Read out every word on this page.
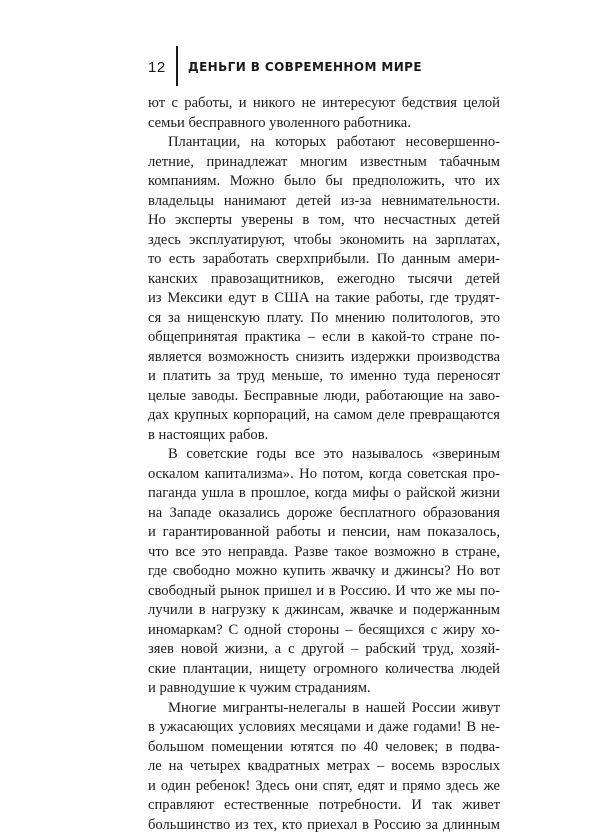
12 ДЕНЬГИ В СОВРЕМЕННОМ МИРЕ
ют с работы, и никого не интересуют бедствия целой
семьи бесправного уволенного работника.
Плантации, на которых работают несовершенно-
летние, принадлежат многим известным табачным
компаниям. Можно было бы предположить, что их
владельцы нанимают детей из-за невнимательности.
Но эксперты уверены в том, что несчастных детей
здесь эксплуатируют, чтобы экономить на зарплатах,
то есть заработать сверхприбыли. По данным амери-
канских правозащитников, ежегодно тысячи детей
из Мексики едут в США на такие работы, где трудят-
ся за нищенскую плату. По мнению политологов, это
общепринятая практика – если в какой-то стране по-
является возможность снизить издержки производства
и платить за труд меньше, то именно туда переносят
целые заводы. Бесправные люди, работающие на заво-
дах крупных корпораций, на самом деле превращаются
в настоящих рабов.
В советские годы все это называлось «звериным
оскалом капитализма». Но потом, когда советская про-
паганда ушла в прошлое, когда мифы о райской жизни
на Западе оказались дороже бесплатного образования
и гарантированной работы и пенсии, нам показалось,
что все это неправда. Разве такое возможно в стране,
где свободно можно купить жвачку и джинсы? Но вот
свободный рынок пришел и в Россию. И что же мы по-
лучили в нагрузку к джинсам, жвачке и подержанным
иномаркам? С одной стороны – бесящихся с жиру хо-
зяев новой жизни, а с другой – рабский труд, хозяй-
ские плантации, нищету огромного количества людей
и равнодушие к чужим страданиям.
Многие мигранты-нелегалы в нашей России живут
в ужасающих условиях месяцами и даже годами! В не-
большом помещении ютятся по 40 человек; в подва-
ле на четырех квадратных метрах – восемь взрослых
и один ребенок! Здесь они спят, едят и прямо здесь же
справляют естественные потребности. И так живет
большинство из тех, кто приехал в Россию за длинным
